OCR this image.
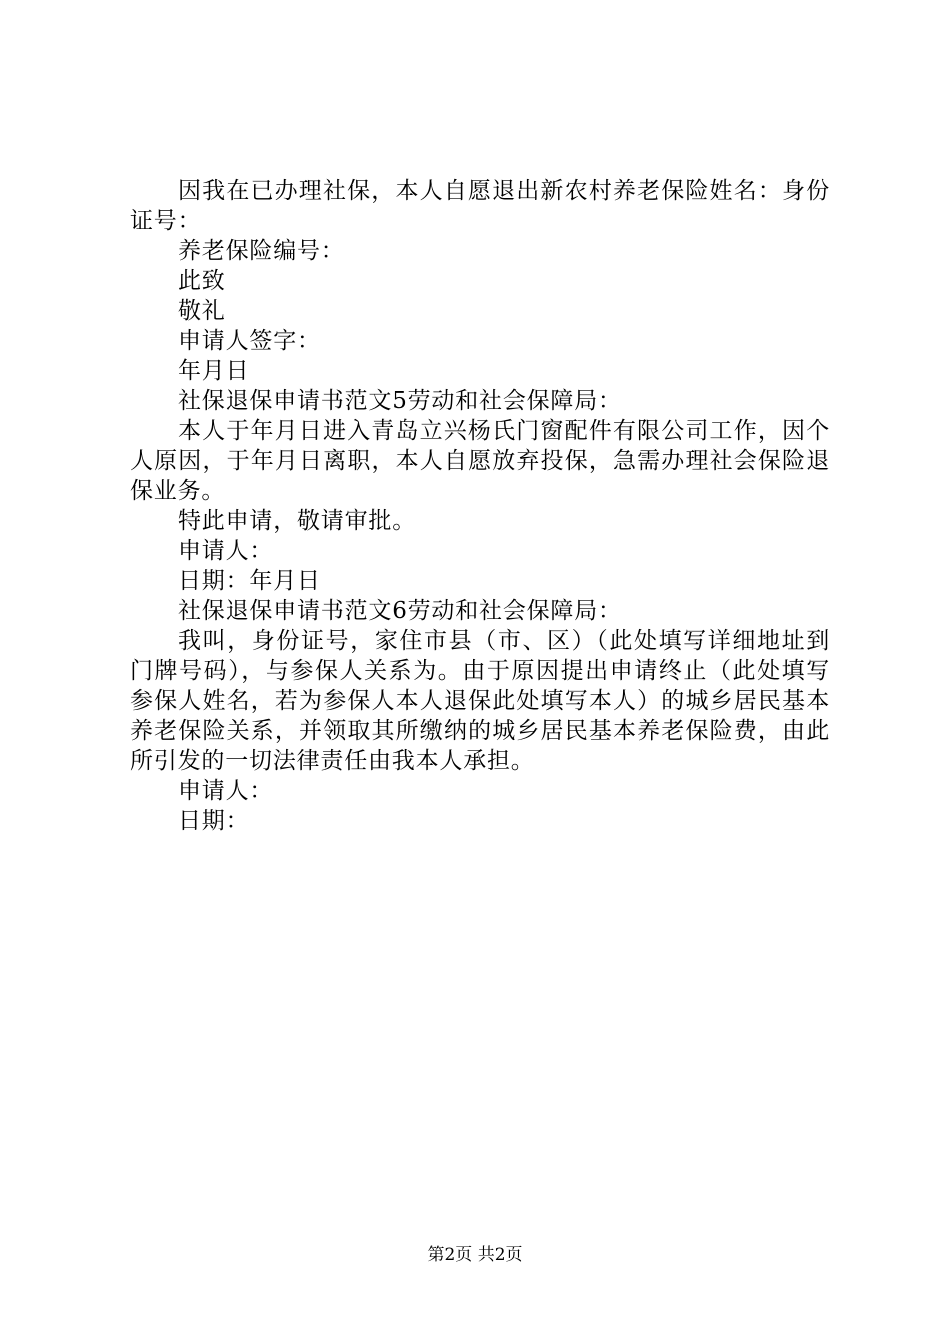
因我在已办理社保，本人自愿退出新农村养老保险姓名：身份证号：

养老保险编号：

此致

敬礼

申请人签字：

年月日

社保退保申请书范文5劳动和社会保障局：

本人于年月日进入青岛立兴杨氏门窗配件有限公司工作，因个人原因，于年月日离职，本人自愿放弃投保，急需办理社会保险退保业务。

特此申请，敬请审批。

申请人：

日期：年月日

社保退保申请书范文6劳动和社会保障局：

我叫，身份证号，家住市县（市、区）（此处填写详细地址到门牌号码），与参保人关系为。由于原因提出申请终止（此处填写参保人姓名，若为参保人本人退保此处填写本人）的城乡居民基本养老保险关系，并领取其所缴纳的城乡居民基本养老保险费，由此所引发的一切法律责任由我本人承担。

申请人：

日期：

第2页 共2页
